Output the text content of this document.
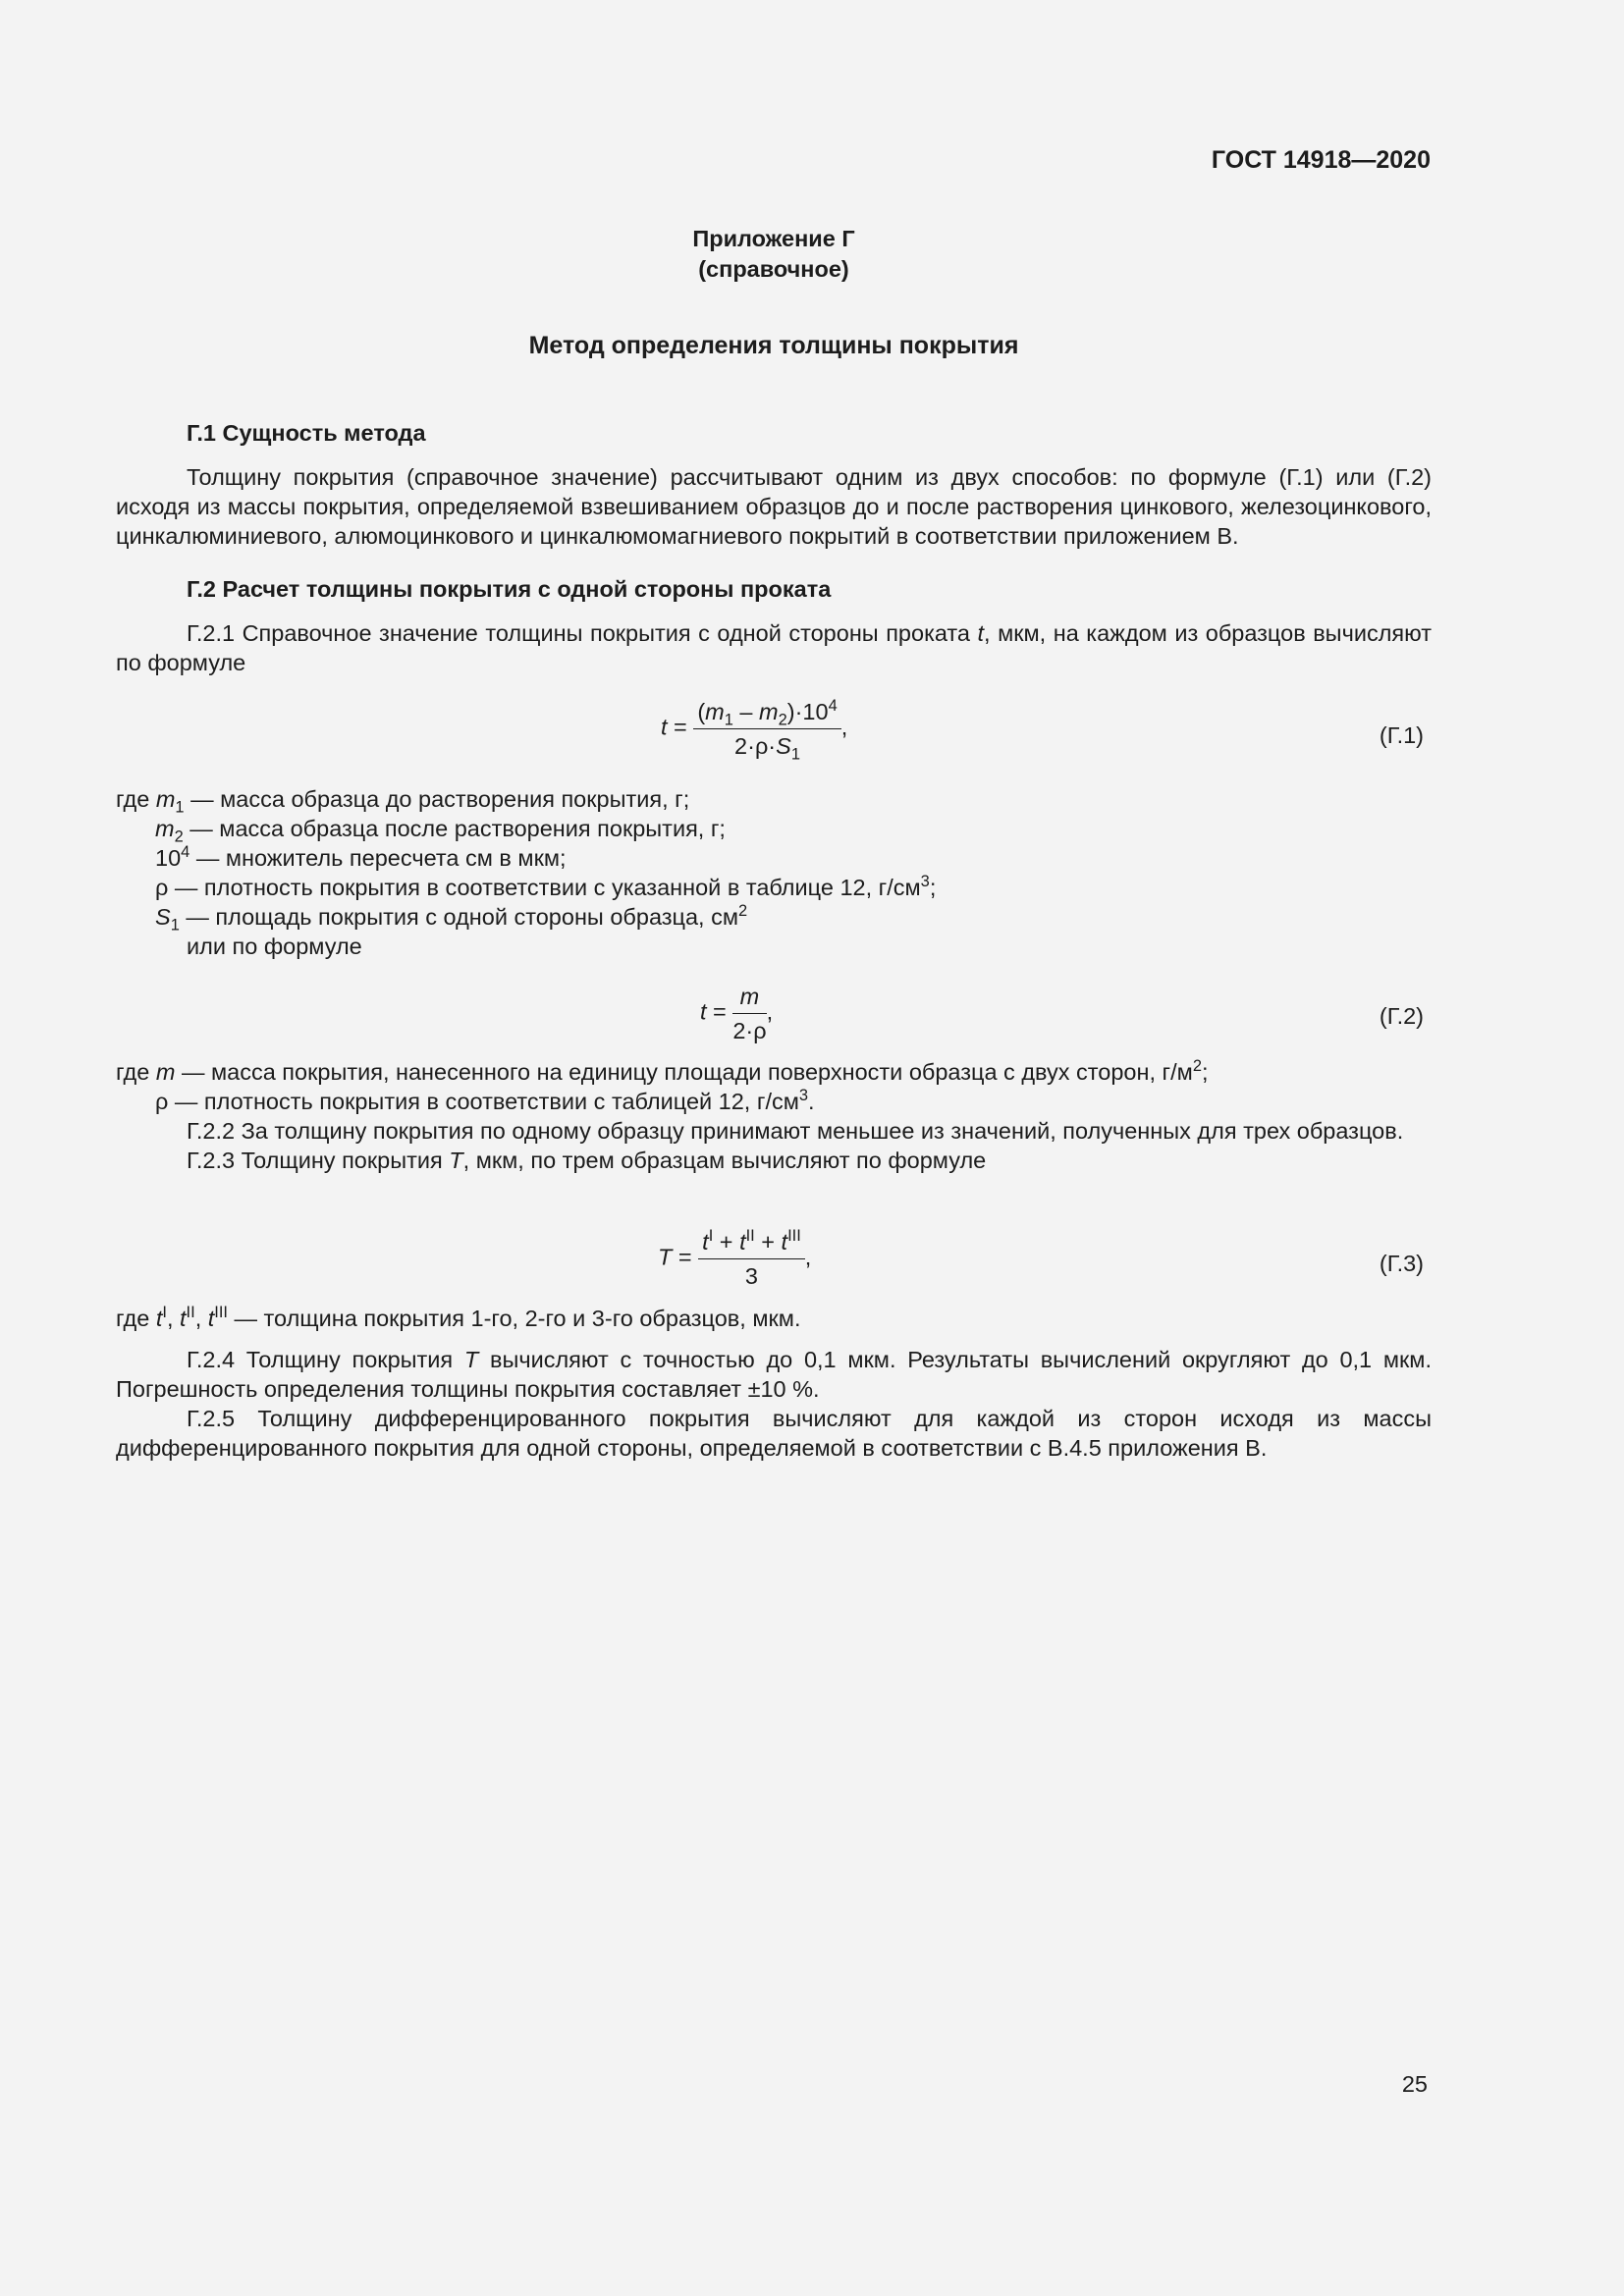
ГОСТ 14918—2020
Приложение Г
(справочное)
Метод определения толщины покрытия

Г.1 Сущность метода

Толщину покрытия (справочное значение) рассчитывают одним из двух способов: по формуле (Г.1) или (Г.2) исходя из массы покрытия, определяемой взвешиванием образцов до и после растворения цинкового, железоцинкового, цинкалюминиевого, алюмоцинкового и цинкалюмомагниевого покрытий в соответствии приложением В.

Г.2 Расчет толщины покрытия с одной стороны проката

Г.2.1 Справочное значение толщины покрытия с одной стороны проката t, мкм, на каждом из образцов вычисляют по формуле

$t = \frac{(m_1 - m_2)\cdot 10^4}{2\cdot\rho\cdot S_1}$ ,	(Г.1)

где $m_1$ — масса образца до растворения покрытия, г;

$m_2$ — масса образца после растворения покрытия, г;

$10^4$ — множитель пересчета см в мкм;

ρ — плотность покрытия в соответствии с указанной в таблице 12, $г/см^3$;

$S_1$ — площадь покрытия с одной стороны образца, $см^2$

или по формуле

$t = \frac{m}{2\cdot\rho}$ ,	(Г.2)

где m — масса покрытия, нанесенного на единицу площади поверхности образца с двух сторон, $г/м^2$;

ρ — плотность покрытия в соответствии с таблицей 12, $г/см^3$.

Г.2.2 За толщину покрытия по одному образцу принимают меньшее из значений, полученных для трех образцов.

Г.2.3 Толщину покрытия T, мкм, по трем образцам вычисляют по формуле

$T = \frac{t^I + t^{II} + t^{III}}{3}$ ,	(Г.3)

где $t^I$, $t^{II}$, $t^{III}$ — толщина покрытия 1-го, 2-го и 3-го образцов, мкм.

Г.2.4 Толщину покрытия T вычисляют с точностью до 0,1 мкм. Результаты вычислений округляют до 0,1 мкм. Погрешность определения толщины покрытия составляет ±10 %.

Г.2.5 Толщину дифференцированного покрытия вычисляют для каждой из сторон исходя из массы дифференцированного покрытия для одной стороны, определяемой в соответствии с В.4.5 приложения В.

25
